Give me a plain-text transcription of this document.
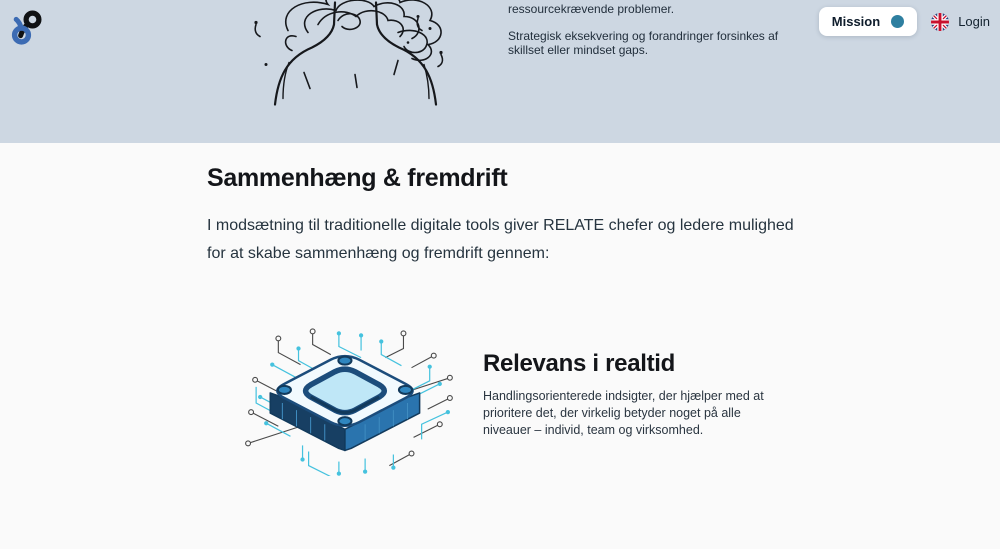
ressourcekrævende problemer.

Strategisk eksekvering og forandringer forsinkes af skillset eller mindset gaps.

Mission	Login
Sammenhæng & fremdrift

I modsætning til traditionelle digitale tools giver RELATE chefer og ledere mulighed for at skabe sammenhæng og fremdrift gennem:

Relevans i realtid

Handlingsorienterede indsigter, der hjælper med at prioritere det, der virkelig betyder noget på alle niveauer – individ, team og virksomhed.
